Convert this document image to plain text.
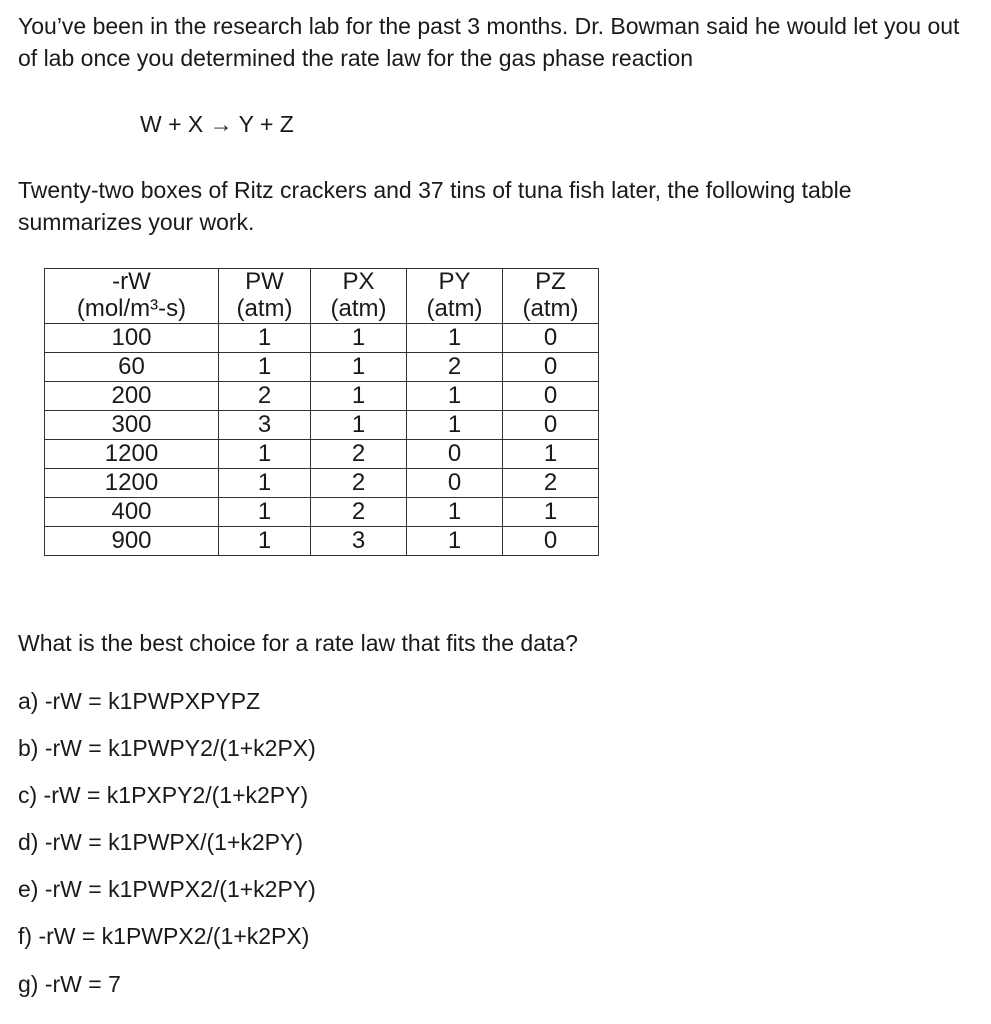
You’ve been in the research lab for the past 3 months. Dr. Bowman said he would let you out of lab once you determined the rate law for the gas phase reaction

W + X → Y + Z

Twenty-two boxes of Ritz crackers and 37 tins of tuna fish later, the following table summarizes your work.

-rW	PW	PX	PY	PZ
(mol/m³-s)	(atm)	(atm)	(atm)	(atm)
100	1	1	1	0
60	1	1	2	0
200	2	1	1	0
300	3	1	1	0
1200	1	2	0	1
1200	1	2	0	2
400	1	2	1	1
900	1	3	1	0

What is the best choice for a rate law that fits the data?

a) -rW = k1PWPXPYPZ

b) -rW = k1PWPY2/(1+k2PX)

c) -rW = k1PXPY2/(1+k2PY)

d) -rW = k1PWPX/(1+k2PY)

e) -rW = k1PWPX2/(1+k2PY)

f) -rW = k1PWPX2/(1+k2PX)

g) -rW = 7
